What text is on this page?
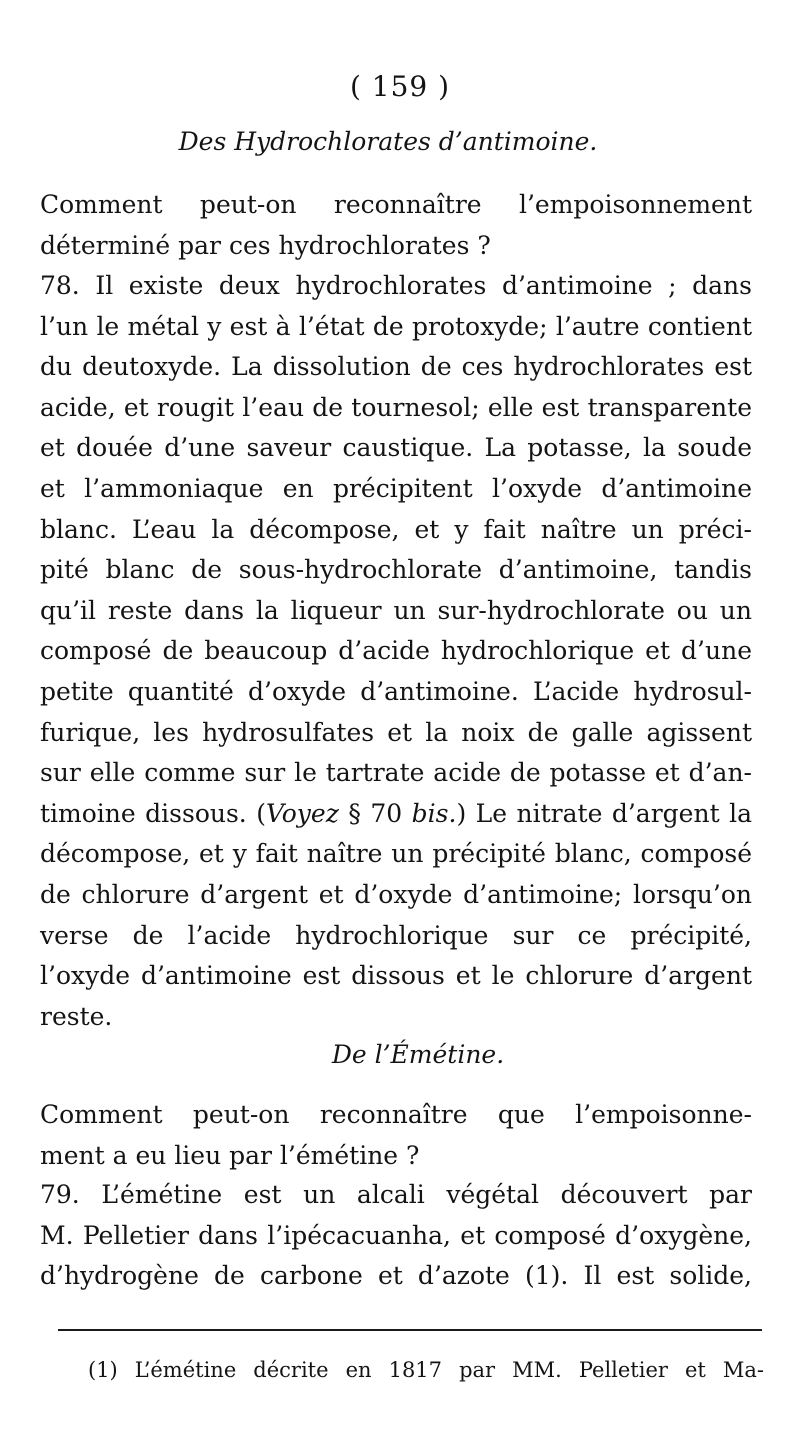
( 159 )
Des Hydrochlorates d’antimoine.
Comment peut-on reconnaître l’empoisonnement
déterminé par ces hydrochlorates ?
78. Il existe deux hydrochlorates d’antimoine ; dans
l’un le métal y est à l’état de protoxyde; l’autre contient
du deutoxyde. La dissolution de ces hydrochlorates est
acide, et rougit l’eau de tournesol; elle est transparente
et douée d’une saveur caustique. La potasse, la soude
et l’ammoniaque en précipitent l’oxyde d’antimoine
blanc. L’eau la décompose, et y fait naître un préci-
pité blanc de sous-hydrochlorate d’antimoine, tandis
qu’il reste dans la liqueur un sur-hydrochlorate ou un
composé de beaucoup d’acide hydrochlorique et d’une
petite quantité d’oxyde d’antimoine. L’acide hydrosul-
furique, les hydrosulfates et la noix de galle agissent
sur elle comme sur le tartrate acide de potasse et d’an-
timoine dissous. (Voyez § 70 bis.) Le nitrate d’argent la
décompose, et y fait naître un précipité blanc, composé
de chlorure d’argent et d’oxyde d’antimoine; lorsqu’on
verse de l’acide hydrochlorique sur ce précipité,
l’oxyde d’antimoine est dissous et le chlorure d’argent
reste.
De l’Émétine.
Comment peut-on reconnaître que l’empoisonne-
ment a eu lieu par l’émétine ?
79. L’émétine est un alcali végétal découvert par
M. Pelletier dans l’ipécacuanha, et composé d’oxygène,
d’hydrogène de carbone et d’azote (1). Il est solide,
(1) L’émétine décrite en 1817 par MM. Pelletier et Ma-
